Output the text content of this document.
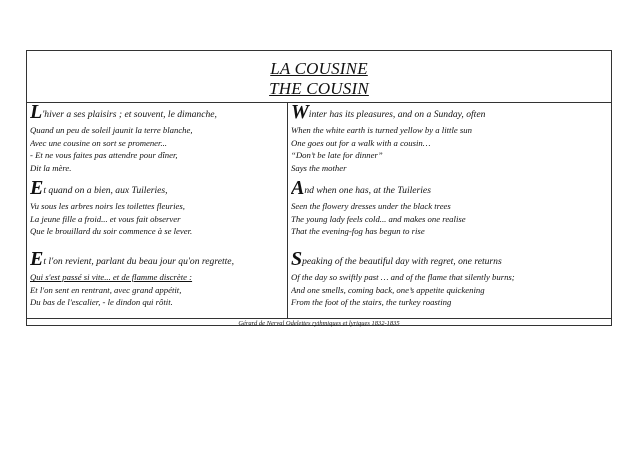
LA COUSINE
THE COUSIN
L'hiver a ses plaisirs ; et souvent, le dimanche,
Quand un peu de soleil jaunit la terre blanche,
Avec une cousine on sort se promener...
- Et ne vous faites pas attendre pour dîner,
Dit la mère.
Et quand on a bien, aux Tuileries,
Vu sous les arbres noirs les toilettes fleuries,
La jeune fille a froid... et vous fait observer
Que le brouillard du soir commence à se lever.
Et l'on revient, parlant du beau jour qu'on regrette,
Qui s'est passé si vite... et de flamme discrète :
Et l'on sent en rentrant, avec grand appétit,
Du bas de l'escalier, - le dindon qui rôtit.
Winter has its pleasures, and on a Sunday, often
When the white earth is turned yellow by a little sun
One goes out for a walk with a cousin…
“Don’t be late for dinner”
Says the mother
And when one has, at the Tuileries
Seen the flowery dresses under the black trees
The young lady feels cold... and makes one realise
That the evening-fog has begun to rise
Speaking of the beautiful day with regret, one returns
Of the day so swiftly past … and of the flame that silently burns;
And one smells, coming back, one’s appetite quickening
From the foot of the stairs, the turkey roasting
Gérard de Nerval Odelettes rythmiques et lyriques 1832-1835
